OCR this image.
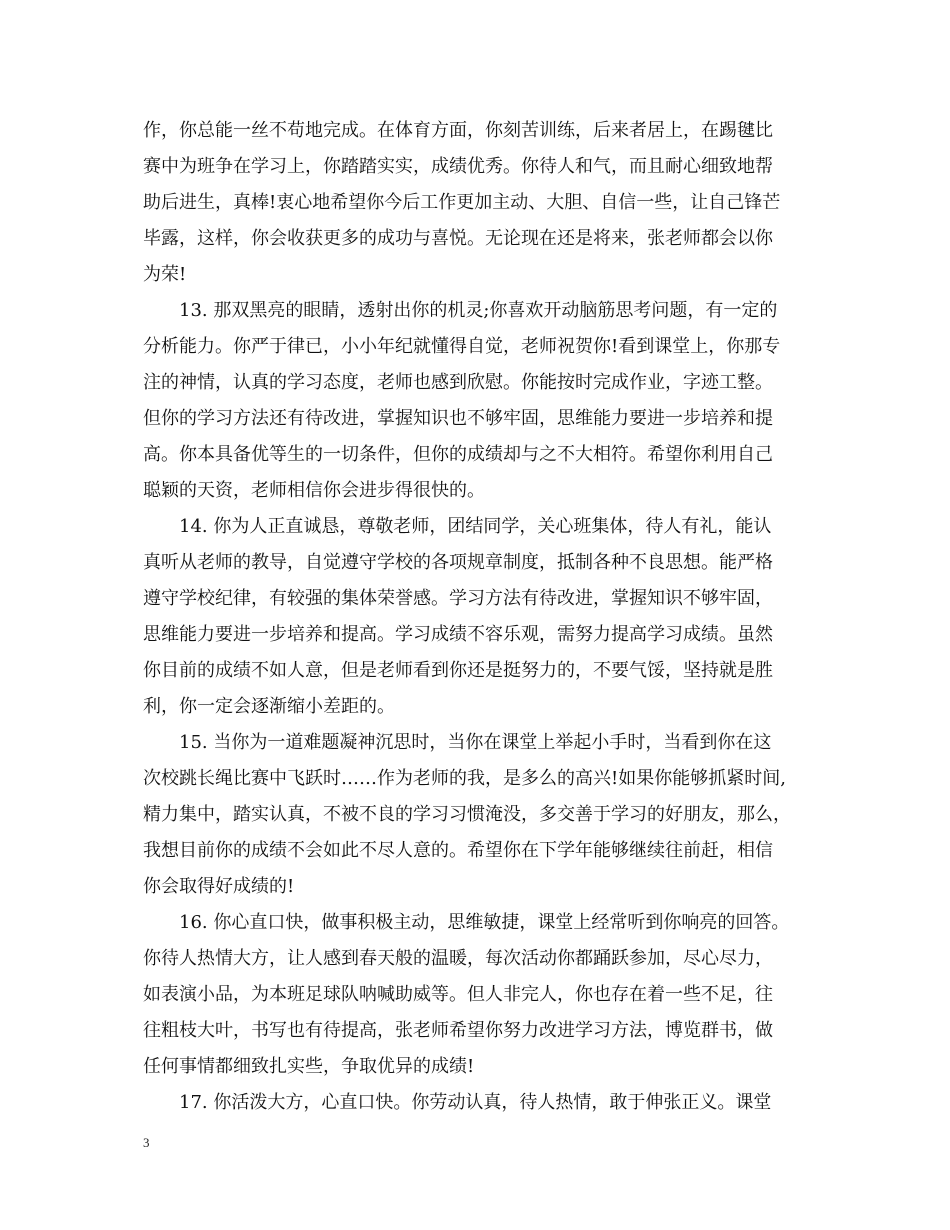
作，你总能一丝不苟地完成。在体育方面，你刻苦训练，后来者居上，在踢毽比
赛中为班争在学习上，你踏踏实实，成绩优秀。你待人和气，而且耐心细致地帮
助后进生，真棒!衷心地希望你今后工作更加主动、大胆、自信一些，让自己锋芒
毕露，这样，你会收获更多的成功与喜悦。无论现在还是将来，张老师都会以你
为荣!
13. 那双黑亮的眼睛，透射出你的机灵;你喜欢开动脑筋思考问题，有一定的
分析能力。你严于律已，小小年纪就懂得自觉，老师祝贺你!看到课堂上，你那专
注的神情，认真的学习态度，老师也感到欣慰。你能按时完成作业，字迹工整。
但你的学习方法还有待改进，掌握知识也不够牢固，思维能力要进一步培养和提
高。你本具备优等生的一切条件，但你的成绩却与之不大相符。希望你利用自己
聪颖的天资，老师相信你会进步得很快的。
14. 你为人正直诚恳，尊敬老师，团结同学，关心班集体，待人有礼，能认
真听从老师的教导，自觉遵守学校的各项规章制度，抵制各种不良思想。能严格
遵守学校纪律，有较强的集体荣誉感。学习方法有待改进，掌握知识不够牢固，
思维能力要进一步培养和提高。学习成绩不容乐观，需努力提高学习成绩。虽然
你目前的成绩不如人意，但是老师看到你还是挺努力的，不要气馁，坚持就是胜
利，你一定会逐渐缩小差距的。
15. 当你为一道难题凝神沉思时，当你在课堂上举起小手时，当看到你在这
次校跳长绳比赛中飞跃时……作为老师的我，是多么的高兴!如果你能够抓紧时间,
精力集中，踏实认真，不被不良的学习习惯淹没，多交善于学习的好朋友，那么，
我想目前你的成绩不会如此不尽人意的。希望你在下学年能够继续往前赶，相信
你会取得好成绩的!
16. 你心直口快，做事积极主动，思维敏捷，课堂上经常听到你响亮的回答。
你待人热情大方，让人感到春天般的温暖，每次活动你都踊跃参加，尽心尽力，
如表演小品，为本班足球队呐喊助威等。但人非完人，你也存在着一些不足，往
往粗枝大叶，书写也有待提高，张老师希望你努力改进学习方法，博览群书，做
任何事情都细致扎实些，争取优异的成绩!
17. 你活泼大方，心直口快。你劳动认真，待人热情，敢于伸张正义。课堂
3
